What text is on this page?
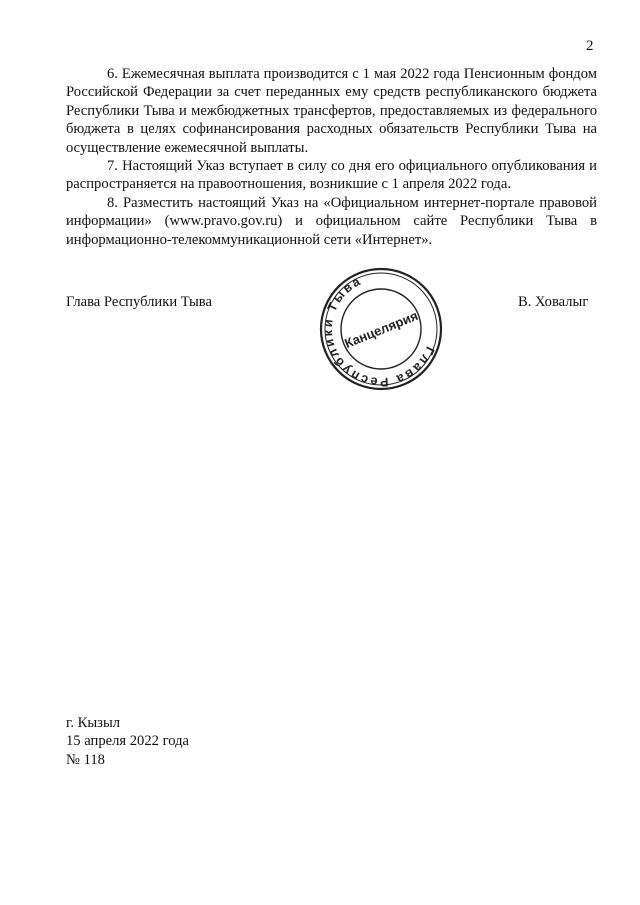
2

6. Ежемесячная выплата производится с 1 мая 2022 года Пенсионным фондом Российской Федерации за счет переданных ему средств республиканского бюджета Республики Тыва и межбюджетных трансфертов, предоставляемых из федерального бюджета в целях софинансирования расходных обязательств Республики Тыва на осуществление ежемесячной выплаты.

7. Настоящий Указ вступает в силу со дня его официального опубликования и распространяется на правоотношения, возникшие с 1 апреля 2022 года.

8. Разместить настоящий Указ на «Официальном интернет-портале правовой информации» (www.pravo.gov.ru) и официальном сайте Республики Тыва в информационно-телекоммуникационной сети «Интернет».

Глава Республики Тыва
Глава Республики Тыва
Канцелярия
В. Ховалыг
г. Кызыл
15 апреля 2022 года
№ 118
